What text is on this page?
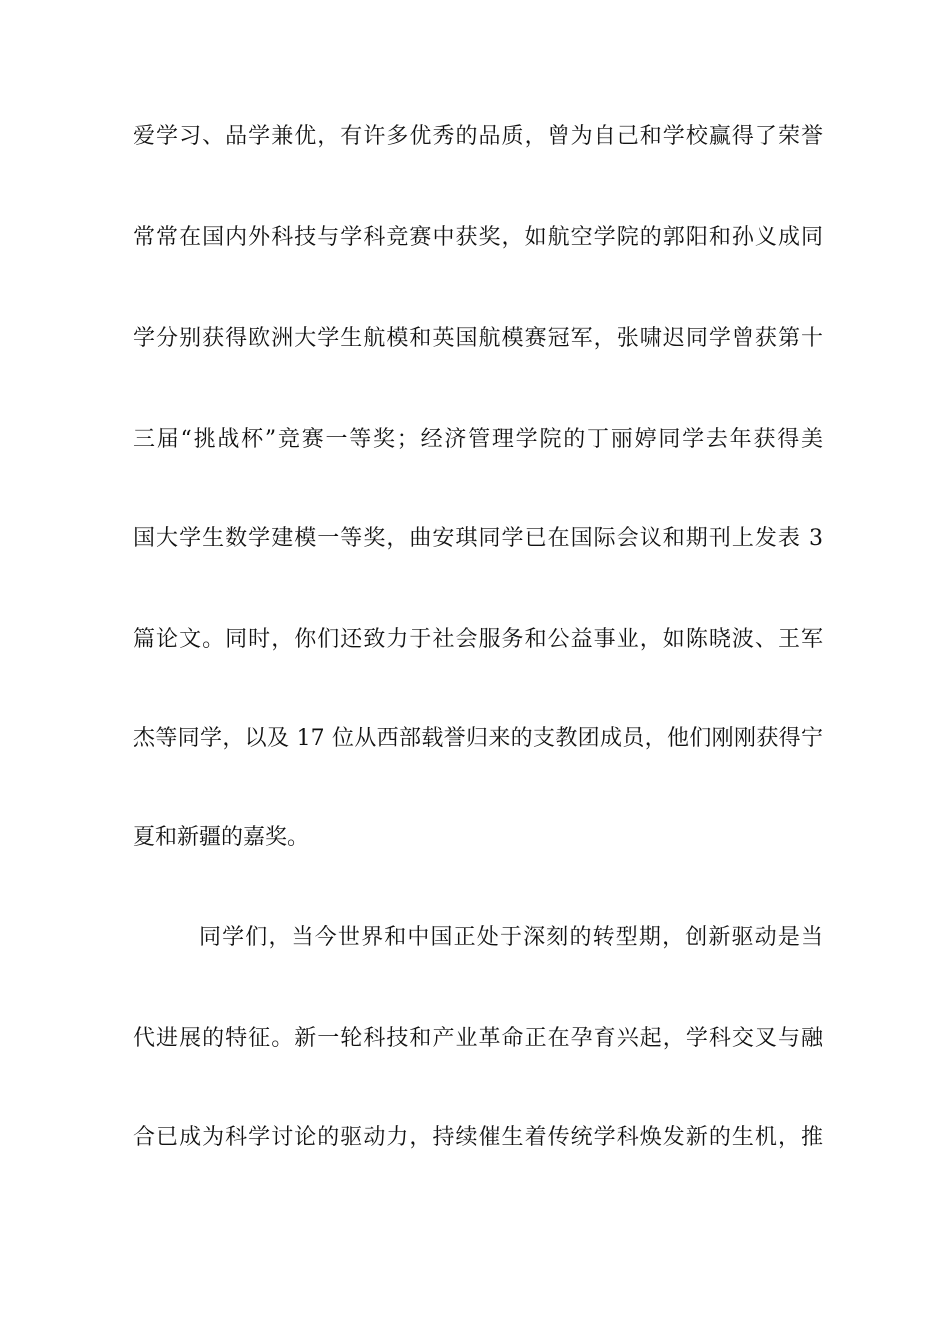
爱学习、品学兼优，有许多优秀的品质，曾为自己和学校赢得了荣誉
常常在国内外科技与学科竞赛中获奖，如航空学院的郭阳和孙义成同
学分别获得欧洲大学生航模和英国航模赛冠军，张啸迟同学曾获第十
三届“挑战杯”竞赛一等奖；经济管理学院的丁丽婷同学去年获得美
国大学生数学建模一等奖，曲安琪同学已在国际会议和期刊上发表 3
篇论文。同时，你们还致力于社会服务和公益事业，如陈晓波、王军
杰等同学，以及 17 位从西部载誉归来的支教团成员，他们刚刚获得宁
夏和新疆的嘉奖。
同学们，当今世界和中国正处于深刻的转型期，创新驱动是当
代进展的特征。新一轮科技和产业革命正在孕育兴起，学科交叉与融
合已成为科学讨论的驱动力，持续催生着传统学科焕发新的生机，推
